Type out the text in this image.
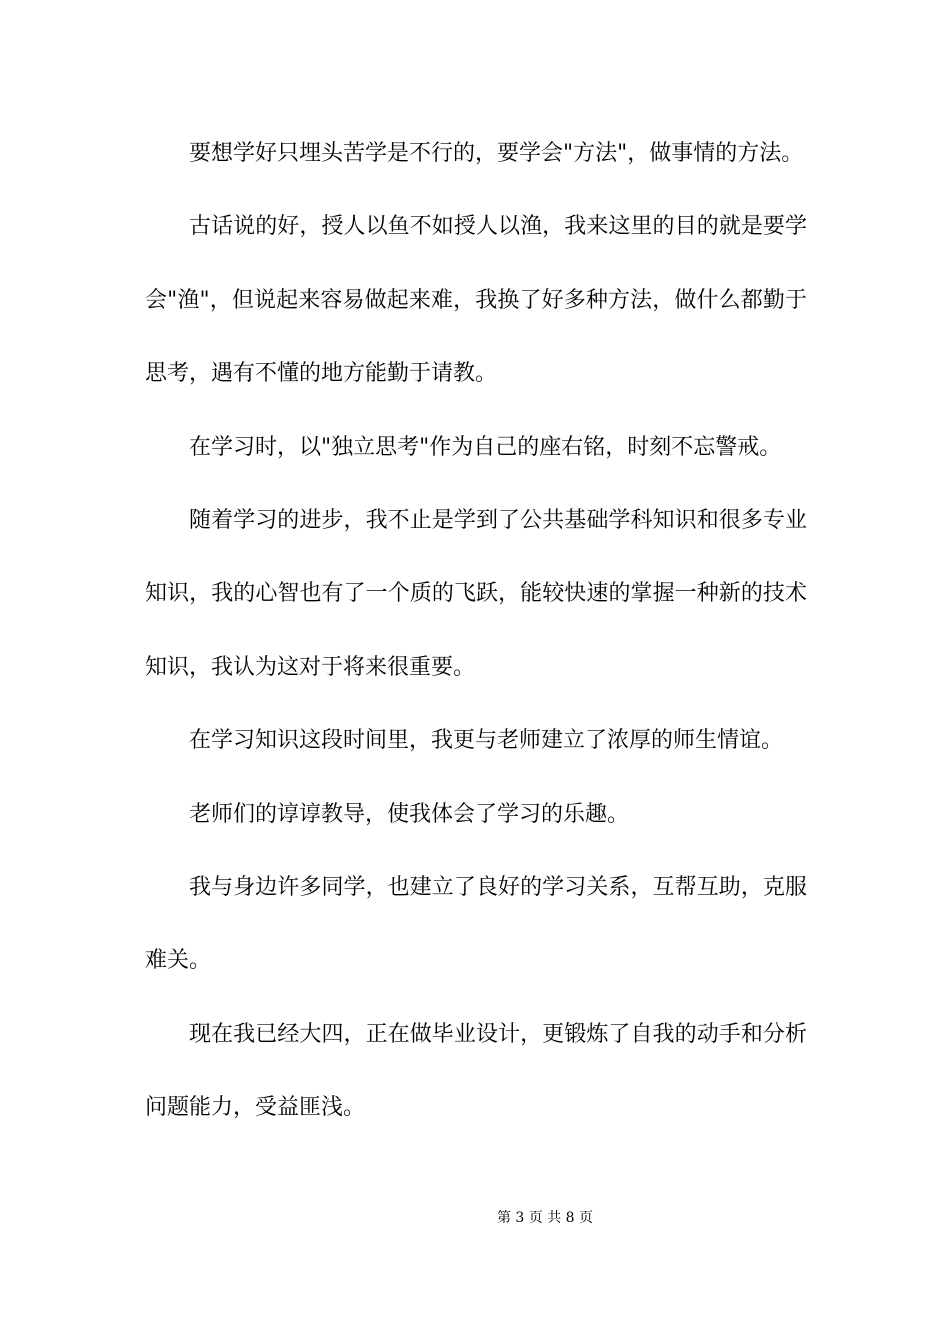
要想学好只埋头苦学是不行的，要学会"方法"，做事情的方法。

古话说的好，授人以鱼不如授人以渔，我来这里的目的就是要学会"渔"，但说起来容易做起来难，我换了好多种方法，做什么都勤于思考，遇有不懂的地方能勤于请教。

在学习时，以"独立思考"作为自己的座右铭，时刻不忘警戒。

随着学习的进步，我不止是学到了公共基础学科知识和很多专业知识，我的心智也有了一个质的飞跃，能较快速的掌握一种新的技术知识，我认为这对于将来很重要。

在学习知识这段时间里，我更与老师建立了浓厚的师生情谊。

老师们的谆谆教导，使我体会了学习的乐趣。

我与身边许多同学，也建立了良好的学习关系，互帮互助，克服难关。

现在我已经大四，正在做毕业设计，更锻炼了自我的动手和分析问题能力，受益匪浅。

第 3 页 共 8 页
